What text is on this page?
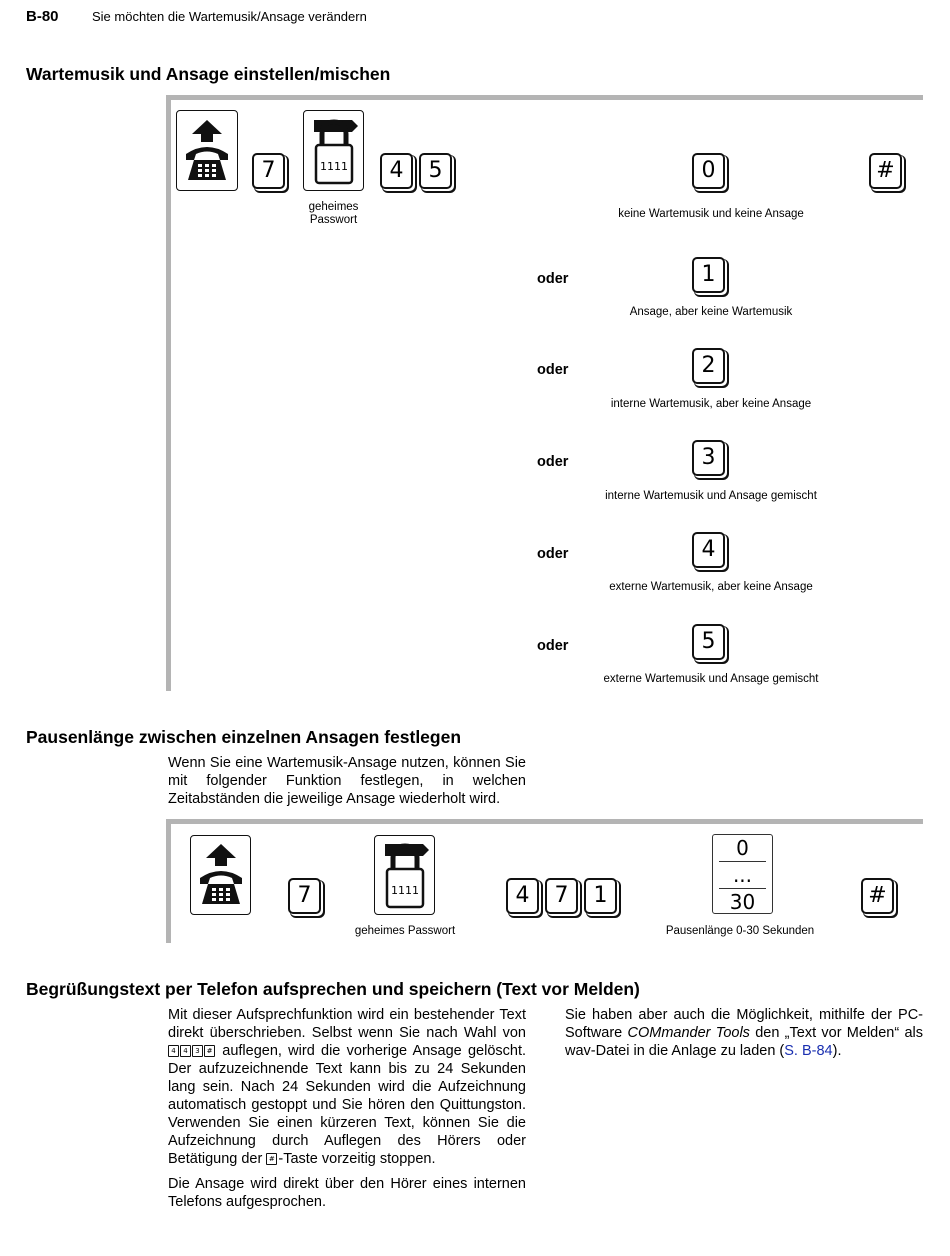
B-80	Sie möchten die Wartemusik/Ansage verändern
Wartemusik und Ansage einstellen/mischen
7	1111
geheimes
Passwort
4 5	#
0
keine Wartemusik und keine Ansage
oder	1
Ansage, aber keine Wartemusik
oder	2
interne Wartemusik, aber keine Ansage
oder	3
interne Wartemusik und Ansage gemischt
oder	4
externe Wartemusik, aber keine Ansage
oder	5
externe Wartemusik und Ansage gemischt
Pausenlänge zwischen einzelnen Ansagen festlegen
Wenn Sie eine Wartemusik-Ansage nutzen, können Sie mit folgender Funktion festlegen, in welchen Zeitabständen die jeweilige Ansage wiederholt wird.
7	1111
geheimes Passwort
4 7 1
0
...
30
Pausenlänge 0-30 Sekunden
#
Begrüßungstext per Telefon aufsprechen und speichern (Text vor Melden)
Mit dieser Aufsprechfunktion wird ein bestehender Text direkt überschrieben. Selbst wenn Sie nach Wahl von 4 4 3 # auflegen, wird die vorherige Ansage gelöscht. Der aufzuzeichnende Text kann bis zu 24 Sekunden lang sein. Nach 24 Sekunden wird die Aufzeichnung automatisch gestoppt und Sie hören den Quittungston. Verwenden Sie einen kürzeren Text, können Sie die Aufzeichnung durch Auflegen des Hörers oder Betätigung der # -Taste vorzeitig stoppen.
Die Ansage wird direkt über den Hörer eines internen Telefons aufgesprochen.
Sie haben aber auch die Möglichkeit, mithilfe der PC-Software COMmander Tools den „Text vor Melden“ als wav-Datei in die Anlage zu laden (S. B-84).
